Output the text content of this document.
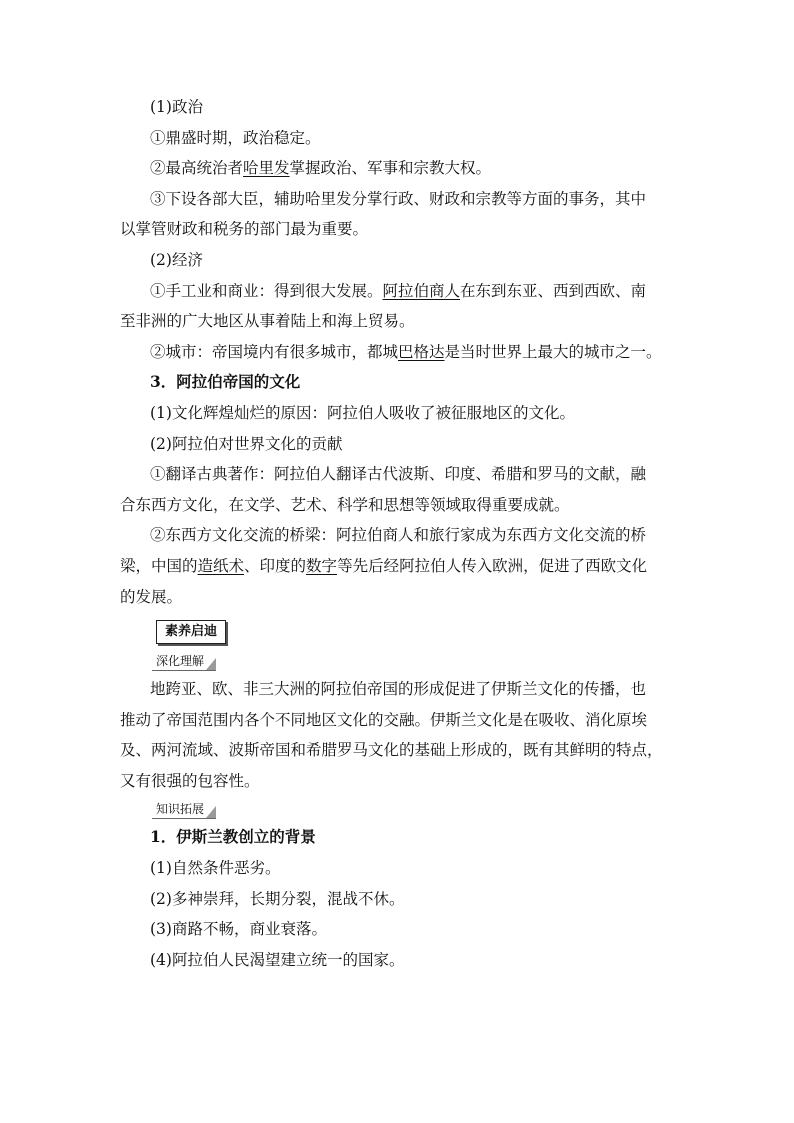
(1)政治
①鼎盛时期，政治稳定。
②最高统治者哈里发掌握政治、军事和宗教大权。
③下设各部大臣，辅助哈里发分掌行政、财政和宗教等方面的事务，其中
以掌管财政和税务的部门最为重要。
(2)经济
①手工业和商业：得到很大发展。阿拉伯商人在东到东亚、西到西欧、南
至非洲的广大地区从事着陆上和海上贸易。
②城市：帝国境内有很多城市，都城巴格达是当时世界上最大的城市之一。
3．阿拉伯帝国的文化
(1)文化辉煌灿烂的原因：阿拉伯人吸收了被征服地区的文化。
(2)阿拉伯对世界文化的贡献
①翻译古典著作：阿拉伯人翻译古代波斯、印度、希腊和罗马的文献，融
合东西方文化，在文学、艺术、科学和思想等领域取得重要成就。
②东西方文化交流的桥梁：阿拉伯商人和旅行家成为东西方文化交流的桥
梁，中国的造纸术、印度的数字等先后经阿拉伯人传入欧洲，促进了西欧文化
的发展。
素养启迪
深化理解
地跨亚、欧、非三大洲的阿拉伯帝国的形成促进了伊斯兰文化的传播，也
推动了帝国范围内各个不同地区文化的交融。伊斯兰文化是在吸收、消化原埃
及、两河流域、波斯帝国和希腊罗马文化的基础上形成的，既有其鲜明的特点，
又有很强的包容性。
知识拓展
1．伊斯兰教创立的背景
(1)自然条件恶劣。
(2)多神崇拜，长期分裂，混战不休。
(3)商路不畅，商业衰落。
(4)阿拉伯人民渴望建立统一的国家。
